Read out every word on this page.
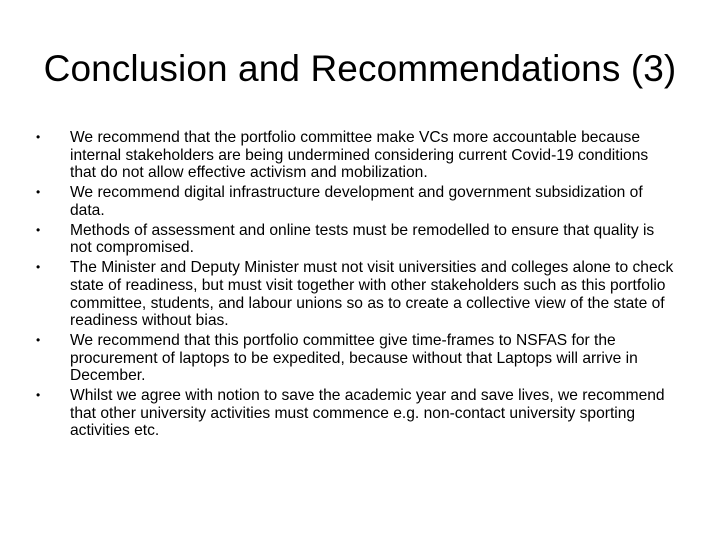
Conclusion and Recommendations (3)
•	We recommend that the portfolio committee make VCs more accountable because internal stakeholders are being undermined considering current Covid-19 conditions that do not allow effective activism and mobilization.
•	We recommend digital infrastructure development and government subsidization of data.
•	Methods of assessment and online tests must be remodelled to ensure that quality is not compromised.
•	The Minister and Deputy Minister must not visit universities and colleges alone to check state of readiness, but must visit together with other stakeholders such as this portfolio committee, students, and labour unions so as to create a collective view of the state of readiness without bias.
•	We recommend that this portfolio committee give time-frames to NSFAS for the procurement of laptops to be expedited, because without that Laptops will arrive in December.
•	Whilst we agree with notion to save the academic year and save lives, we recommend that other university activities must commence e.g. non-contact university sporting activities etc.
